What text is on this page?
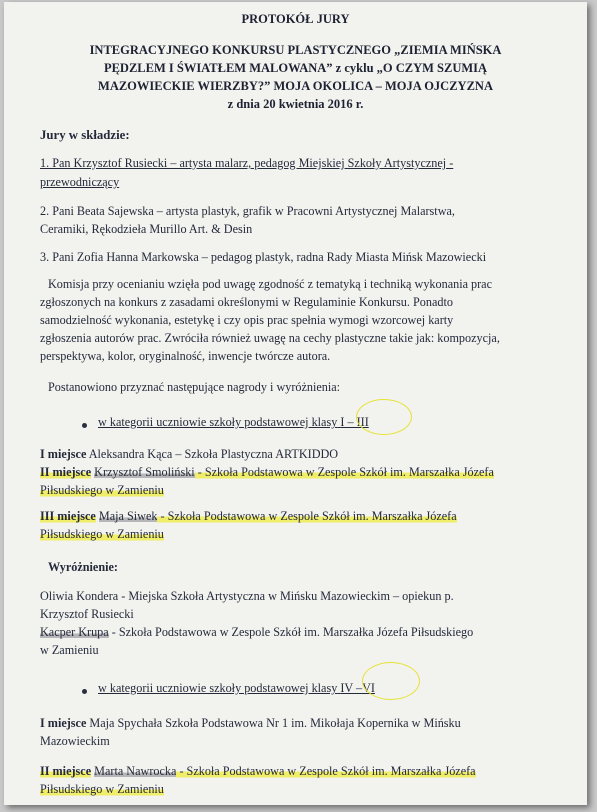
PROTOKÓŁ JURY
INTEGRACYJNEGO KONKURSU PLASTYCZNEGO „ZIEMIA MIŃSKA
PĘDZLEM I ŚWIATŁEM MALOWANA” z cyklu „O CZYM SZUMIĄ
MAZOWIECKIE WIERZBY?” MOJA OKOLICA – MOJA OJCZYZNA
z dnia 20 kwietnia 2016 r.
Jury w składzie:
1. Pan Krzysztof Rusiecki – artysta malarz, pedagog Miejskiej Szkoły Artystycznej -
przewodniczący
2. Pani Beata Sajewska – artysta plastyk, grafik w Pracowni Artystycznej Malarstwa,
Ceramiki, Rękodzieła Murillo Art. & Desin
3. Pani Zofia Hanna Markowska – pedagog plastyk, radna Rady Miasta Mińsk Mazowiecki
Komisja przy ocenianiu wzięła pod uwagę zgodność z tematyką i techniką wykonania prac
zgłoszonych na konkurs z zasadami określonymi w Regulaminie Konkursu. Ponadto
samodzielność wykonania, estetykę i czy opis prac spełnia wymogi wzorcowej karty
zgłoszenia autorów prac. Zwróciła również uwagę na cechy plastyczne takie jak: kompozycja,
perspektywa, kolor, oryginalność, inwencje twórcze autora.
Postanowiono przyznać następujące nagrody i wyróżnienia:
w kategorii uczniowie szkoły podstawowej klasy I – III
I miejsce Aleksandra Kąca – Szkoła Plastyczna ARTKIDDO
II miejsce Krzysztof Smoliński - Szkoła Podstawowa w Zespole Szkół im. Marszałka Józefa
Piłsudskiego w Zamieniu
III miejsce Maja Siwek - Szkoła Podstawowa w Zespole Szkół im. Marszałka Józefa
Piłsudskiego w Zamieniu
Wyróżnienie:
Oliwia Kondera - Miejska Szkoła Artystyczna w Mińsku Mazowieckim – opiekun p.
Krzysztof Rusiecki
Kacper Krupa - Szkoła Podstawowa w Zespole Szkół im. Marszałka Józefa Piłsudskiego
w Zamieniu
w kategorii uczniowie szkoły podstawowej klasy IV –VI
I miejsce Maja Spychała Szkoła Podstawowa Nr 1 im. Mikołaja Kopernika w Mińsku
Mazowieckim
II miejsce Marta Nawrocka - Szkoła Podstawowa w Zespole Szkół im. Marszałka Józefa
Piłsudskiego w Zamieniu
